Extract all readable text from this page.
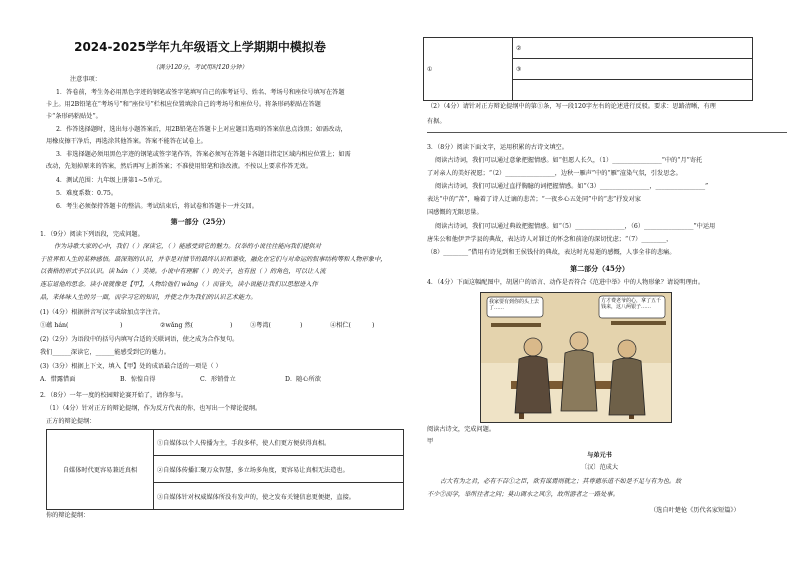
2024-2025学年九年级语文上学期期中模拟卷
（满分120分，考试用时120分钟）
注意事项：
1．答卷前，考生务必用黑色字迹的钢笔或签字笔填写自己的准考证号、姓名、考场号和座位号填写在答题
卡上。用2B铅笔在“考场号”和“座位号”栏相应位置填涂自己的考场号和座位号。将条形码粘贴在答题
卡“条形码粘贴处”。
2．作答选择题时，选出每小题答案后，用2B铅笔在答题卡上对应题目选项的答案信息点涂黑；如需改动，
用橡皮擦干净后，再选涂其他答案。答案不能答在试卷上。
3．非选择题必须用黑色字迹的钢笔或签字笔作答，答案必须写在答题卡各题目指定区域内相应位置上；如需
改动，先划掉原来的答案，然后再写上新答案；不准使用铅笔和涂改液。不按以上要求作答无效。
4．测试范围：九年级上册第1~5单元。
5．难度系数：0.75。
6．考生必须保持答题卡的整洁。考试结束后，将试卷和答题卡一并交回。
第一部分（25分）
1．（9分）阅读下列语段，完成问题。
作为诗歌大家的心中，我们（ ）深读它，（ ）能感受到它的魅力。仅举的小说往往能向我们提供对
于世界和人生的某种感悟。最深刻的认识，并非是对情节的最终认识和兼收，融化在它们与对命运的叙事结构等和人物形象中，
以表格的形式予以认识。读 hán（ ）美境。小说中有理解（ ）的关子，也有扭（ ）的角色，可以让人流
连忘返他的思念。读小说就像是【甲】，人物给他们 wǎng（ ）而皆失，读小说能让我们以思想进入作
品，来体味人生的另一面，而学习它的知识，并使之作为我们的认识艺术能力。
(1)（4分）根据拼音写汉字或给加点字注音。
①蕴 hán(	)	②wǎng 然(	)	③粤湾(	)	④相伫(	)
(2)（2分）为语段中的括号内填写合适的关联词语，使之成为合作复句。
我们______深读它，______能感受到它的魅力。
(3)（3分）根据上下文，填入【甲】处的成语最合适的一项是（ ）
A．惜露惜面	B．惊惶自得	C．形销骨立	D．随心所欲
2．（8分）一年一度的校园辩论赛开始了，请你参与。
（1）（4分）针对正方的辩论提纲，作为反方代表的你，也写出一个辩论提纲。
正方的辩论提纲：
自媒体时代更容易兼近真相	①自媒体以个人传播为主，手段多样，使人们更方便获得真相。
②自媒体传播汇聚万众智慧，多立场多角度，更容易让真相无法造也。
③自媒体针对权威媒体所没有发声的，使之发布关键信息更便捷，直接。
你的辩论提纲：
①	②
③

（2）（4分）请针对正方辩论提纲中的第①条，写一段120字左右的论述进行反驳。要求：思路清晰，有理
有据。
3．（8分）阅读下面文字，运用积累的古诗文填空。
阅读古诗词，我们可以通过意象把握情感。如“但愿人长久，（1）________________”中的“月”寄托
了对亲人的美好祝愿；“（2）________________，边秋一雁声”中的“雁”渲染气氛，引发思念。
阅读古诗词，我们可以通过直抒胸臆的词把握情感。如“（3）________________，________________”
表达“中的“苦”，喻着了诗人迁谪的悲苦；“一夜乡心五处同”中的“悲”抒发对家
国感慨的无限思量。
阅读古诗词，我们可以通过典故把握情感。如“（5）________________，（6）________________”中运用
唐朱公和他伊尹学县的典故，表达诗人对罪迁的怀念和前途的深切忧虑；“（7）________，
（8）________”借用有诗见到和王侯钱付的典故，表达时光易逝的感慨，人事全非的悲痛。
第二部分（45分）
4．（4分）下面这幅配图中，胡屠户的语言、动作是否符合《范进中举》中的人物形象？请说明理由。
我家要有到你的头上去了……
方才费老爷的心，拿了五千钱来，这八两银子……
阅读古诗文，完成问题。
甲
与弟元书
〔汉〕范成大
古大有为之君，必有不召①之臣，欲有谋焉则就之；其尊德乐道不如是不足与有为也。故
不少②而学，举所往者之问；莫山调水之风③，故所游者之一路处事。
（选自叶楚伧《历代名家短篇》）
